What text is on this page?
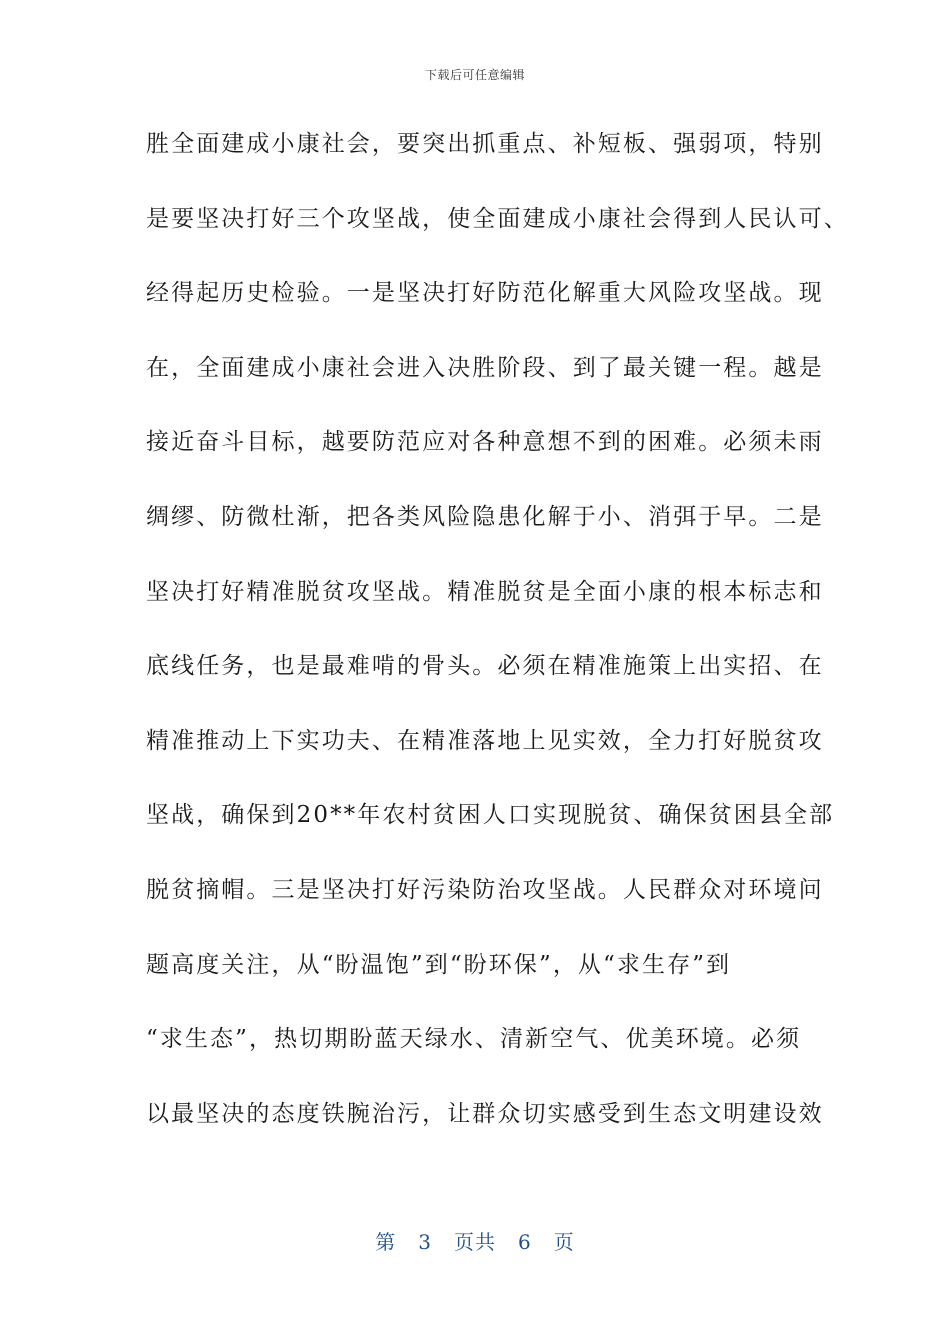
下载后可任意编辑
胜全面建成小康社会，要突出抓重点、补短板、强弱项，特别
是要坚决打好三个攻坚战，使全面建成小康社会得到人民认可、
经得起历史检验。一是坚决打好防范化解重大风险攻坚战。现
在，全面建成小康社会进入决胜阶段、到了最关键一程。越是
接近奋斗目标，越要防范应对各种意想不到的困难。必须未雨
绸缪、防微杜渐，把各类风险隐患化解于小、消弭于早。二是
坚决打好精准脱贫攻坚战。精准脱贫是全面小康的根本标志和
底线任务，也是最难啃的骨头。必须在精准施策上出实招、在
精准推动上下实功夫、在精准落地上见实效，全力打好脱贫攻
坚战，确保到20**年农村贫困人口实现脱贫、确保贫困县全部
脱贫摘帽。三是坚决打好污染防治攻坚战。人民群众对环境问
题高度关注，从“盼温饱”到“盼环保”，从“求生存”到
“求生态”，热切期盼蓝天绿水、清新空气、优美环境。必须
以最坚决的态度铁腕治污，让群众切实感受到生态文明建设效
第 3 页共 6 页
